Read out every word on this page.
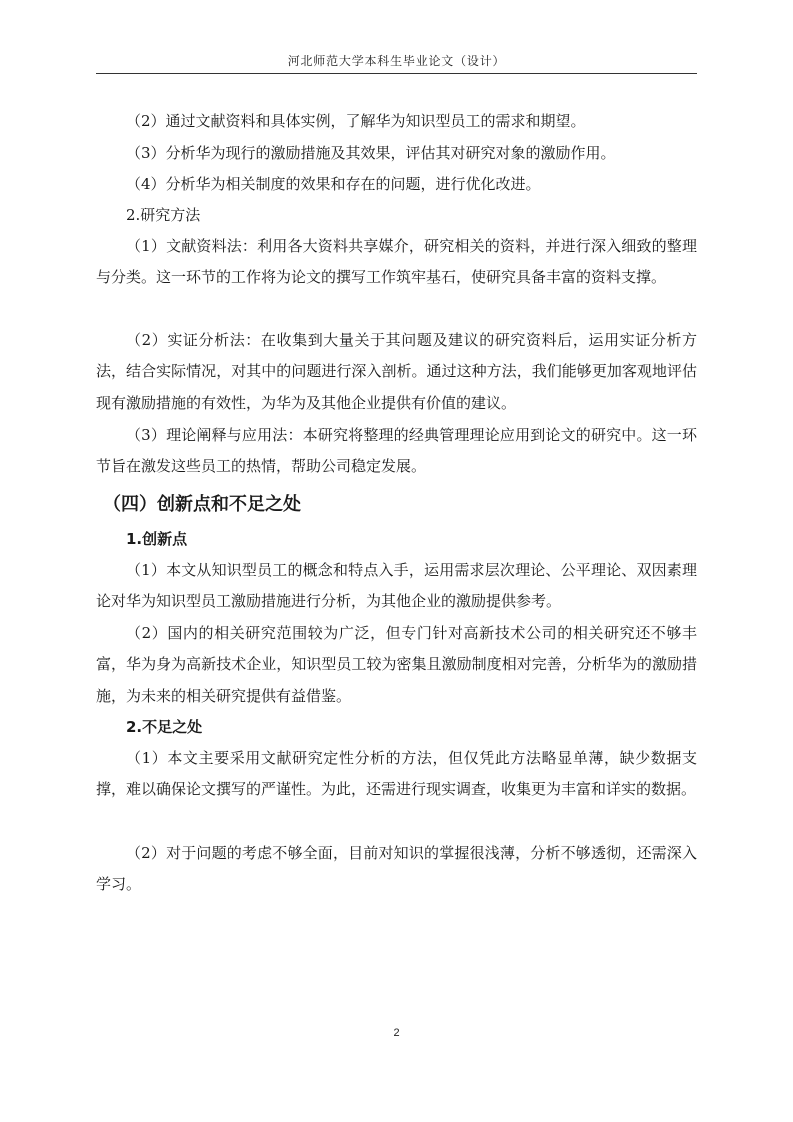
河北师范大学本科生毕业论文（设计）

（2）通过文献资料和具体实例，了解华为知识型员工的需求和期望。

（3）分析华为现行的激励措施及其效果，评估其对研究对象的激励作用。

（4）分析华为相关制度的效果和存在的问题，进行优化改进。

2.研究方法

（1）文献资料法：利用各大资料共享媒介，研究相关的资料，并进行深入细致的整理与分类。这一环节的工作将为论文的撰写工作筑牢基石，使研究具备丰富的资料支撑。

（2）实证分析法：在收集到大量关于其问题及建议的研究资料后，运用实证分析方法，结合实际情况，对其中的问题进行深入剖析。通过这种方法，我们能够更加客观地评估现有激励措施的有效性，为华为及其他企业提供有价值的建议。

（3）理论阐释与应用法：本研究将整理的经典管理理论应用到论文的研究中。这一环节旨在激发这些员工的热情，帮助公司稳定发展。

（四）创新点和不足之处

1.创新点

（1）本文从知识型员工的概念和特点入手，运用需求层次理论、公平理论、双因素理论对华为知识型员工激励措施进行分析，为其他企业的激励提供参考。

（2）国内的相关研究范围较为广泛，但专门针对高新技术公司的相关研究还不够丰富，华为身为高新技术企业，知识型员工较为密集且激励制度相对完善，分析华为的激励措施，为未来的相关研究提供有益借鉴。

2.不足之处

（1）本文主要采用文献研究定性分析的方法，但仅凭此方法略显单薄，缺少数据支撑，难以确保论文撰写的严谨性。为此，还需进行现实调查，收集更为丰富和详实的数据。

（2）对于问题的考虑不够全面，目前对知识的掌握很浅薄，分析不够透彻，还需深入学习。

2
